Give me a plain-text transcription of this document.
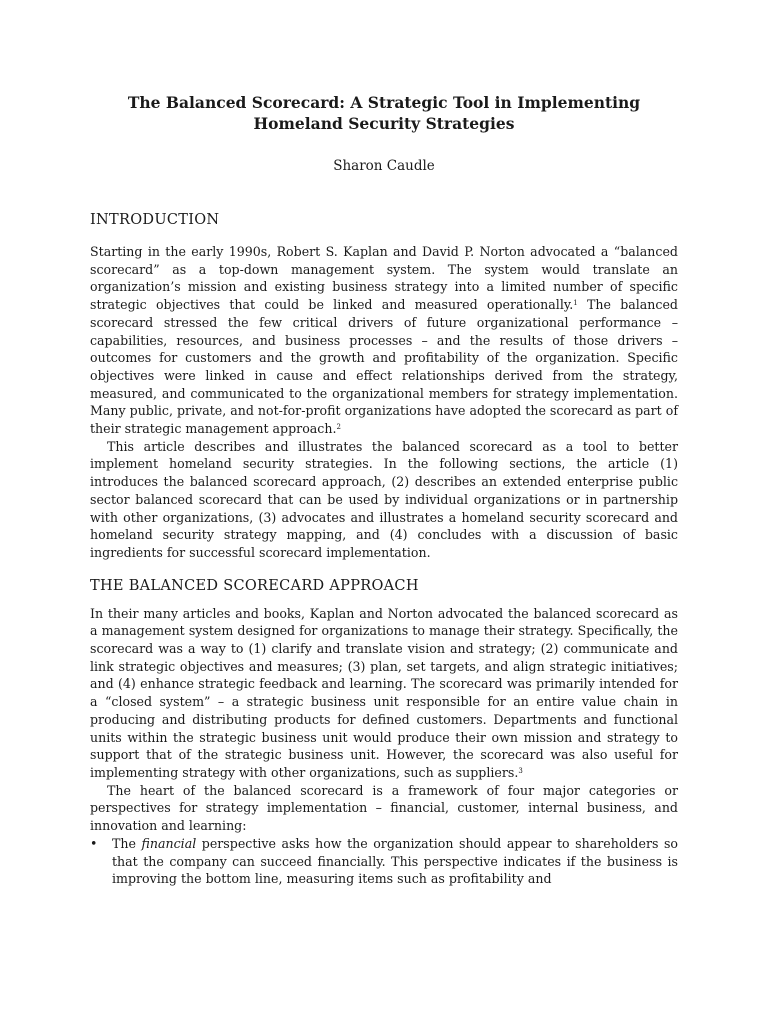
The Balanced Scorecard: A Strategic Tool in Implementing
Homeland Security Strategies
Sharon Caudle
INTRODUCTION

Starting in the early 1990s, Robert S. Kaplan and David P. Norton advocated a “balanced scorecard” as a top-down management system. The system would translate an organization’s mission and existing business strategy into a limited number of specific strategic objectives that could be linked and measured operationally.$^1$ The balanced scorecard stressed the few critical drivers of future organizational performance – capabilities, resources, and business processes – and the results of those drivers – outcomes for customers and the growth and profitability of the organization. Specific objectives were linked in cause and effect relationships derived from the strategy, measured, and communicated to the organizational members for strategy implementation. Many public, private, and not-for-profit organizations have adopted the scorecard as part of their strategic management approach.$^2$

This article describes and illustrates the balanced scorecard as a tool to better implement homeland security strategies. In the following sections, the article (1) introduces the balanced scorecard approach, (2) describes an extended enterprise public sector balanced scorecard that can be used by individual organizations or in partnership with other organizations, (3) advocates and illustrates a homeland security scorecard and homeland security strategy mapping, and (4) concludes with a discussion of basic ingredients for successful scorecard implementation.

THE BALANCED SCORECARD APPROACH

In their many articles and books, Kaplan and Norton advocated the balanced scorecard as a management system designed for organizations to manage their strategy. Specifically, the scorecard was a way to (1) clarify and translate vision and strategy; (2) communicate and link strategic objectives and measures; (3) plan, set targets, and align strategic initiatives; and (4) enhance strategic feedback and learning. The scorecard was primarily intended for a “closed system” – a strategic business unit responsible for an entire value chain in producing and distributing products for defined customers. Departments and functional units within the strategic business unit would produce their own mission and strategy to support that of the strategic business unit. However, the scorecard was also useful for implementing strategy with other organizations, such as suppliers.$^3$

The heart of the balanced scorecard is a framework of four major categories or perspectives for strategy implementation – financial, customer, internal business, and innovation and learning:

• The financial perspective asks how the organization should appear to shareholders so that the company can succeed financially. This perspective indicates if the business is improving the bottom line, measuring items such as profitability and
